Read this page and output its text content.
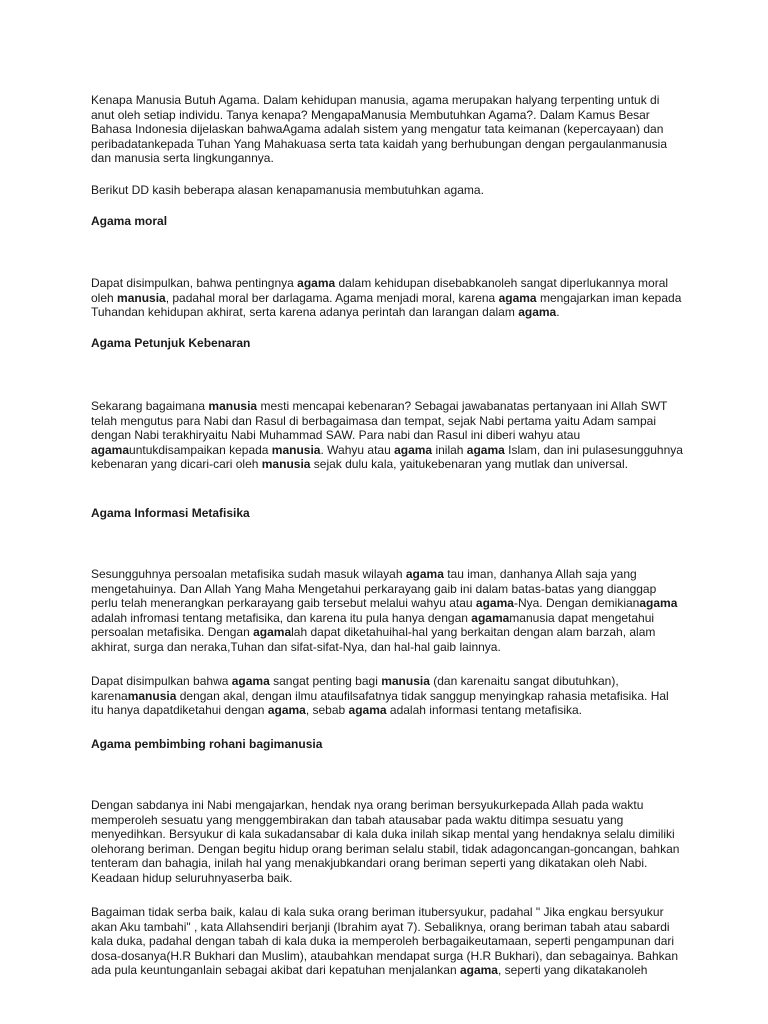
Kenapa Manusia Butuh Agama. Dalam kehidupan manusia, agama merupakan halyang terpenting untuk di anut oleh setiap individu. Tanya kenapa? MengapaManusia Membutuhkan Agama?. Dalam Kamus Besar Bahasa Indonesia dijelaskan bahwaAgama adalah sistem yang mengatur tata keimanan (kepercayaan) dan peribadatankepada Tuhan Yang Mahakuasa serta tata kaidah yang berhubungan dengan pergaulanmanusia dan manusia serta lingkungannya.

Berikut DD kasih beberapa alasan kenapamanusia membutuhkan agama.

Agama moral

Dapat disimpulkan, bahwa pentingnya agama dalam kehidupan disebabkanoleh sangat diperlukannya moral oleh manusia, padahal moral ber darlagama. Agama menjadi moral, karena agama mengajarkan iman kepada Tuhandan kehidupan akhirat, serta karena adanya perintah dan larangan dalam agama.

Agama Petunjuk Kebenaran

Sekarang bagaimana manusia mesti mencapai kebenaran? Sebagai jawabanatas pertanyaan ini Allah SWT telah mengutus para Nabi dan Rasul di berbagaimasa dan tempat, sejak Nabi pertama yaitu Adam sampai dengan Nabi terakhiryaitu Nabi Muhammad SAW. Para nabi dan Rasul ini diberi wahyu atau agamauntukdisampaikan kepada manusia. Wahyu atau agama inilah agama Islam, dan ini pulasesungguhnya kebenaran yang dicari-cari oleh manusia sejak dulu kala, yaitukebenaran yang mutlak dan universal.

Agama Informasi Metafisika

Sesungguhnya persoalan metafisika sudah masuk wilayah agama tau iman, danhanya Allah saja yang mengetahuinya. Dan Allah Yang Maha Mengetahui perkarayang gaib ini dalam batas-batas yang dianggap perlu telah menerangkan perkarayang gaib tersebut melalui wahyu atau agama-Nya. Dengan demikianagama adalah infromasi tentang metafisika, dan karena itu pula hanya dengan agamamanusia dapat mengetahui persoalan metafisika. Dengan agamalah dapat diketahuihal-hal yang berkaitan dengan alam barzah, alam akhirat, surga dan neraka,Tuhan dan sifat-sifat-Nya, dan hal-hal gaib lainnya.

Dapat disimpulkan bahwa agama sangat penting bagi manusia (dan karenaitu sangat dibutuhkan), karenamanusia dengan akal, dengan ilmu ataufilsafatnya tidak sanggup menyingkap rahasia metafisika. Hal itu hanya dapatdiketahui dengan agama, sebab agama adalah informasi tentang metafisika.

Agama pembimbing rohani bagimanusia

Dengan sabdanya ini Nabi mengajarkan, hendak nya orang beriman bersyukurkepada Allah pada waktu memperoleh sesuatu yang menggembirakan dan tabah atausabar pada waktu ditimpa sesuatu yang menyedihkan. Bersyukur di kala sukadansabar di kala duka inilah sikap mental yang hendaknya selalu dimiliki olehorang beriman. Dengan begitu hidup orang beriman selalu stabil, tidak adagoncangan-goncangan, bahkan tenteram dan bahagia, inilah hal yang menakjubkandari orang beriman seperti yang dikatakan oleh Nabi. Keadaan hidup seluruhnyaserba baik.

Bagaiman tidak serba baik, kalau di kala suka orang beriman itubersyukur, padahal " Jika engkau bersyukur akan Aku tambahi" , kata Allahsendiri berjanji (Ibrahim ayat 7). Sebaliknya, orang beriman tabah atau sabardi kala duka, padahal dengan tabah di kala duka ia memperoleh berbagaikeutamaan, seperti pengampunan dari dosa-dosanya(H.R Bukhari dan Muslim), ataubahkan mendapat surga (H.R Bukhari), dan sebagainya. Bahkan ada pula keuntunganlain sebagai akibat dari kepatuhan menjalankan agama, seperti yang dikatakanoleh
